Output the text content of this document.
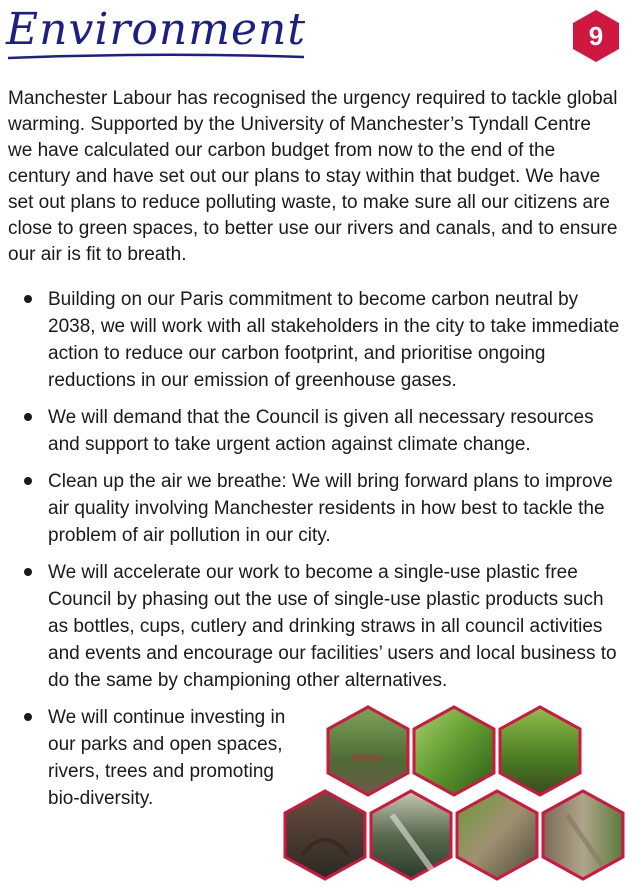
Environment	9

Manchester Labour has recognised the urgency required to tackle global warming. Supported by the University of Manchester’s Tyndall Centre we have calculated our carbon budget from now to the end of the century and have set out our plans to stay within that budget. We have set out plans to reduce polluting waste, to make sure all our citizens are close to green spaces, to better use our rivers and canals, and to ensure our air is fit to breath.

Building on our Paris commitment to become carbon neutral by 2038, we will work with all stakeholders in the city to take immediate action to reduce our carbon footprint, and prioritise ongoing reductions in our emission of greenhouse gases.
We will demand that the Council is given all necessary resources and support to take urgent action against climate change.
Clean up the air we breathe: We will bring forward plans to improve air quality involving Manchester residents in how best to tackle the problem of air pollution in our city.
We will accelerate our work to become a single-use plastic free Council by phasing out the use of single-use plastic products such as bottles, cups, cutlery and drinking straws in all council activities and events and encourage our facilities’ users and local business to do the same by championing other alternatives.
We will continue investing in our parks and open spaces, rivers, trees and promoting bio-diversity.
